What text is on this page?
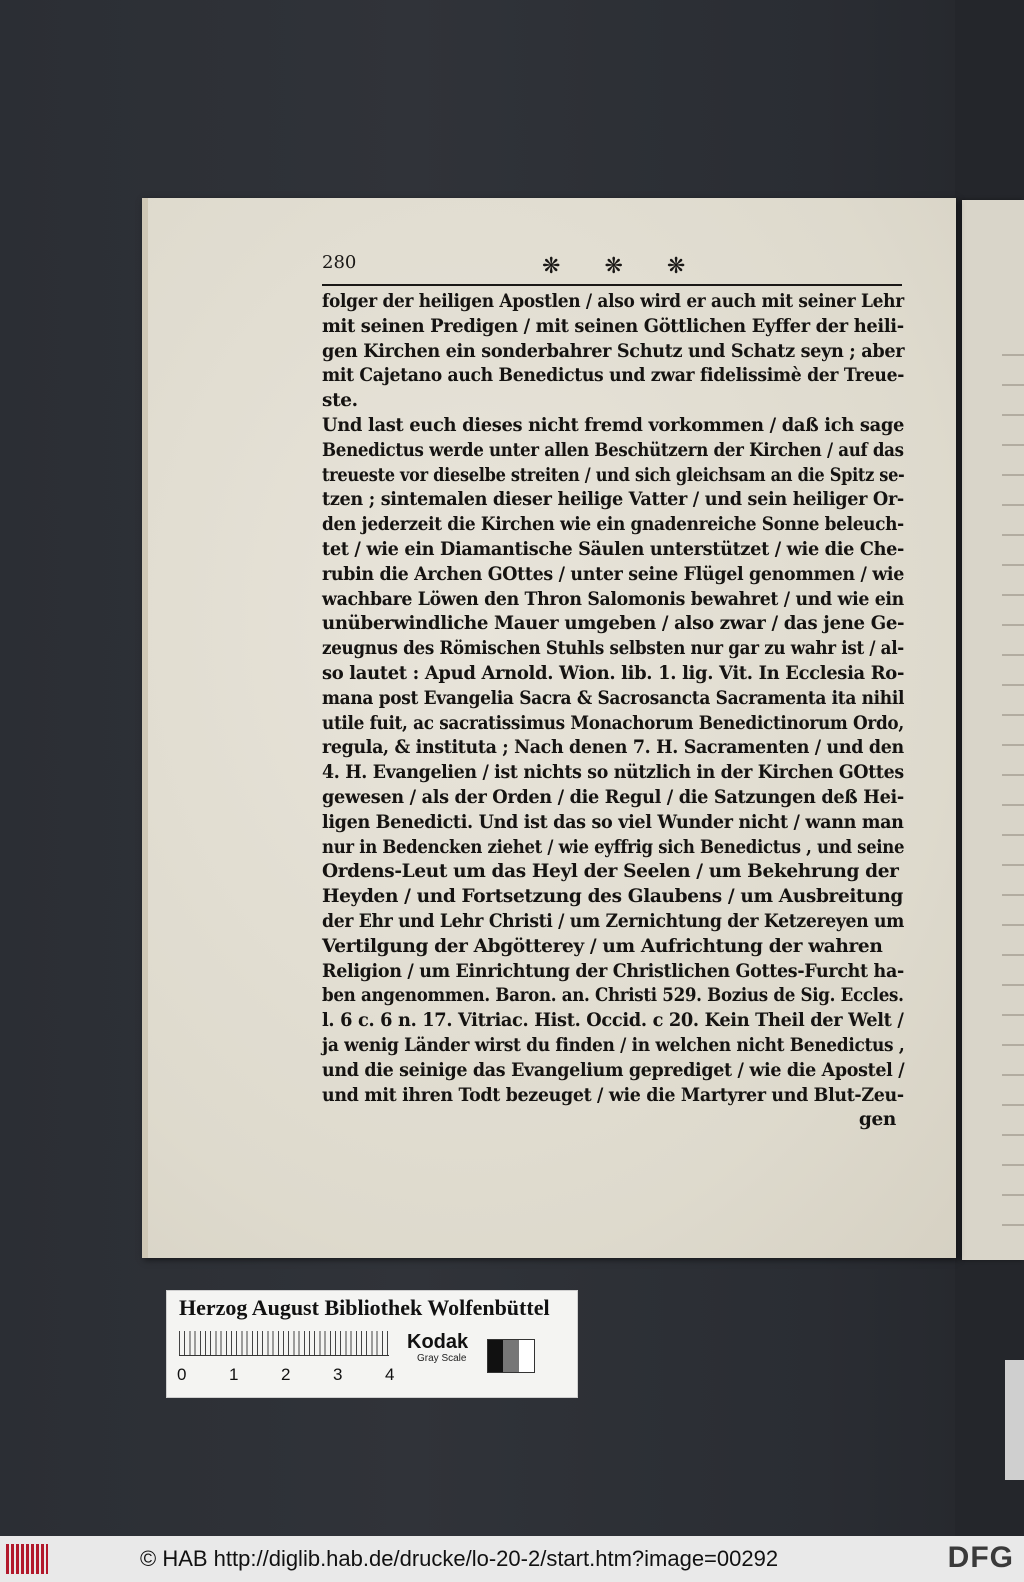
280	❋ ❋ ❋
folger der heiligen Apostlen / also wird er auch mit seiner Lehr
mit seinen Predigen / mit seinen Göttlichen Eyffer der heili-
gen Kirchen ein sonderbahrer Schutz und Schatz seyn ; aber
mit Cajetano auch Benedictus und zwar fidelissimè der Treue-
ste.
Und last euch dieses nicht fremd vorkommen / daß ich sage
Benedictus werde unter allen Beschützern der Kirchen / auf das
treueste vor dieselbe streiten / und sich gleichsam an die Spitz se-
tzen ; sintemalen dieser heilige Vatter / und sein heiliger Or-
den jederzeit die Kirchen wie ein gnadenreiche Sonne beleuch-
tet / wie ein Diamantische Säulen unterstützet / wie die Che-
rubin die Archen GOttes / unter seine Flügel genommen / wie
wachbare Löwen den Thron Salomonis bewahret / und wie ein
unüberwindliche Mauer umgeben / also zwar / das jene Ge-
zeugnus des Römischen Stuhls selbsten nur gar zu wahr ist / al-
so lautet : Apud Arnold. Wion. lib. 1. lig. Vit. In Ecclesia Ro-
mana post Evangelia Sacra & Sacrosancta Sacramenta ita nihil
utile fuit, ac sacratissimus Monachorum Benedictinorum Ordo,
regula, & instituta ; Nach denen 7. H. Sacramenten / und den
4. H. Evangelien / ist nichts so nützlich in der Kirchen GOttes
gewesen / als der Orden / die Regul / die Satzungen deß Hei-
ligen Benedicti. Und ist das so viel Wunder nicht / wann man
nur in Bedencken ziehet / wie eyffrig sich Benedictus , und seine
Ordens-Leut um das Heyl der Seelen / um Bekehrung der
Heyden / und Fortsetzung des Glaubens / um Ausbreitung
der Ehr und Lehr Christi / um Zernichtung der Ketzereyen um
Vertilgung der Abgötterey / um Aufrichtung der wahren
Religion / um Einrichtung der Christlichen Gottes-Furcht ha-
ben angenommen. Baron. an. Christi 529. Bozius de Sig. Eccles.
l. 6 c. 6 n. 17. Vitriac. Hist. Occid. c 20. Kein Theil der Welt /
ja wenig Länder wirst du finden / in welchen nicht Benedictus ,
und die seinige das Evangelium geprediget / wie die Apostel /
und mit ihren Todt bezeuget / wie die Martyrer und Blut-Zeu-
gen
Herzog August Bibliothek Wolfenbüttel
0	1	2	3	4
Kodak
Gray Scale
© HAB http://diglib.hab.de/drucke/lo-20-2/start.htm?image=00292	DFG
